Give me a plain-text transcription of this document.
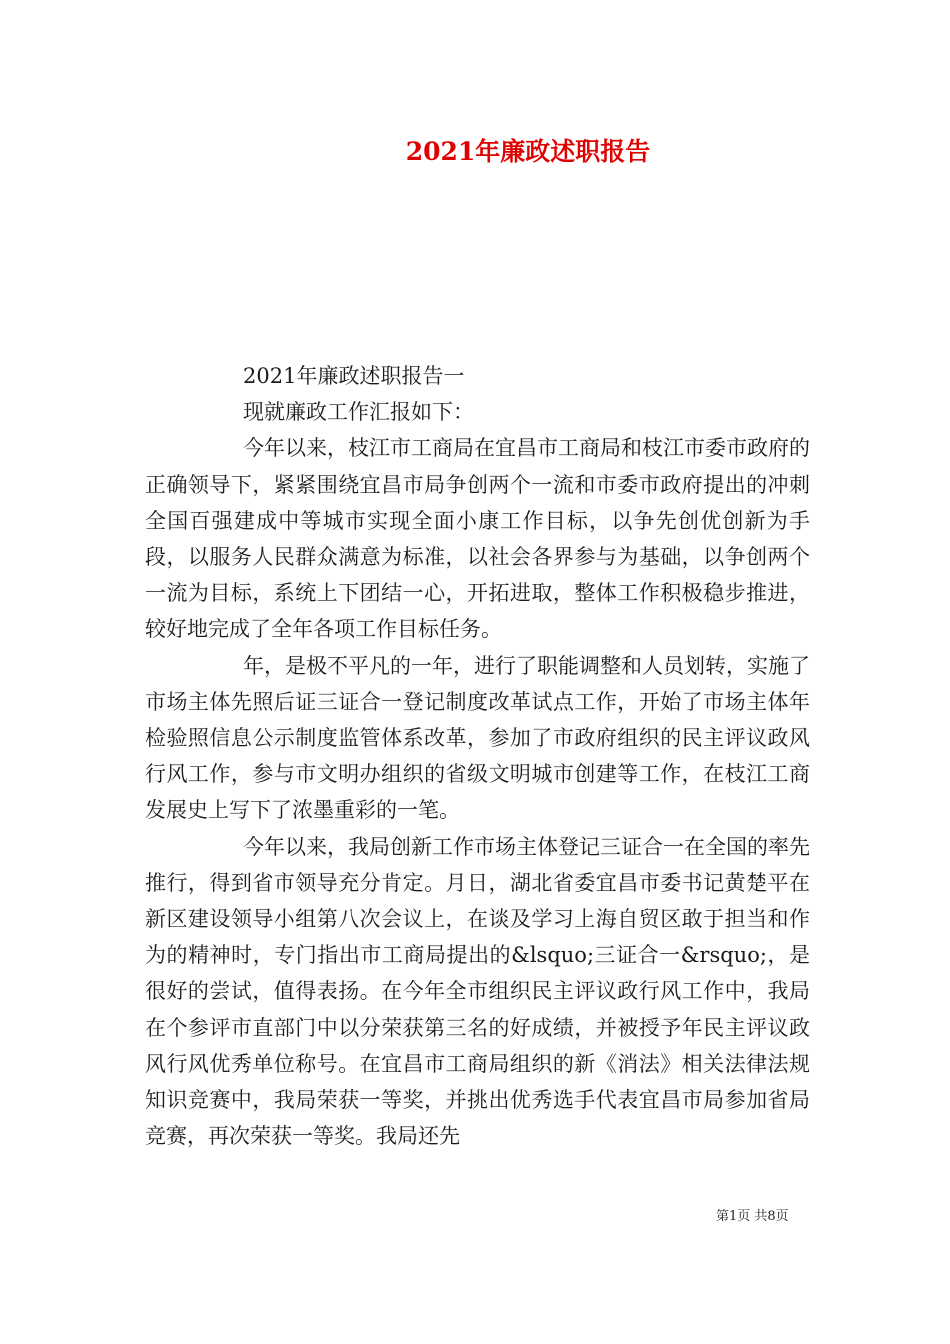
2021年廉政述职报告

2021年廉政述职报告一

现就廉政工作汇报如下：

今年以来，枝江市工商局在宜昌市工商局和枝江市委市政府的正确领导下，紧紧围绕宜昌市局争创两个一流和市委市政府提出的冲刺全国百强建成中等城市实现全面小康工作目标，以争先创优创新为手段，以服务人民群众满意为标准，以社会各界参与为基础，以争创两个一流为目标，系统上下团结一心，开拓进取，整体工作积极稳步推进，较好地完成了全年各项工作目标任务。

年，是极不平凡的一年，进行了职能调整和人员划转，实施了市场主体先照后证三证合一登记制度改革试点工作，开始了市场主体年检验照信息公示制度监管体系改革，参加了市政府组织的民主评议政风行风工作，参与市文明办组织的省级文明城市创建等工作，在枝江工商发展史上写下了浓墨重彩的一笔。

今年以来，我局创新工作市场主体登记三证合一在全国的率先推行，得到省市领导充分肯定。月日，湖北省委宜昌市委书记黄楚平在新区建设领导小组第八次会议上，在谈及学习上海自贸区敢于担当和作为的精神时，专门指出市工商局提出的&lsquo;三证合一&rsquo;，是很好的尝试，值得表扬。在今年全市组织民主评议政行风工作中，我局在个参评市直部门中以分荣获第三名的好成绩，并被授予年民主评议政风行风优秀单位称号。在宜昌市工商局组织的新《消法》相关法律法规知识竞赛中，我局荣获一等奖，并挑出优秀选手代表宜昌市局参加省局竞赛，再次荣获一等奖。我局还先

第1页 共8页
